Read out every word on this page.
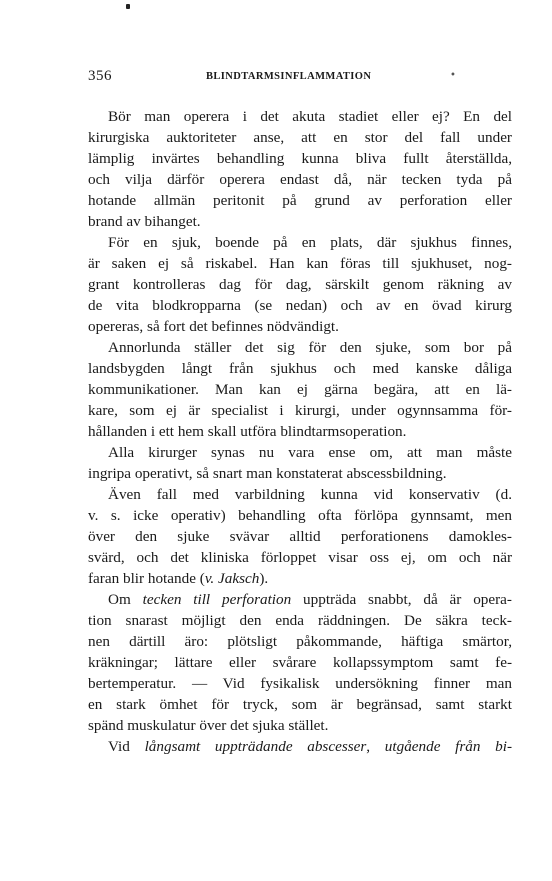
356	BLINDTARMSINFLAMMATION	•
Bör man operera i det akuta stadiet eller ej? En del
kirurgiska auktoriteter anse, att en stor del fall under
lämplig invärtes behandling kunna bliva fullt återställda,
och vilja därför operera endast då, när tecken tyda på
hotande allmän peritonit på grund av perforation eller
brand av bihanget.
För en sjuk, boende på en plats, där sjukhus finnes,
är saken ej så riskabel. Han kan föras till sjukhuset, nog-
grant kontrolleras dag för dag, särskilt genom räkning av
de vita blodkropparna (se nedan) och av en övad kirurg
opereras, så fort det befinnes nödvändigt.
Annorlunda ställer det sig för den sjuke, som bor på
landsbygden långt från sjukhus och med kanske dåliga
kommunikationer. Man kan ej gärna begära, att en lä-
kare, som ej är specialist i kirurgi, under ogynnsamma för-
hållanden i ett hem skall utföra blindtarmsoperation.
Alla kirurger synas nu vara ense om, att man måste
ingripa operativt, så snart man konstaterat abscessbildning.
Även fall med varbildning kunna vid konservativ (d.
v. s. icke operativ) behandling ofta förlöpa gynnsamt, men
över den sjuke svävar alltid perforationens damokles-
svärd, och det kliniska förloppet visar oss ej, om och när
faran blir hotande (v. Jaksch).
Om tecken till perforation uppträda snabbt, då är opera-
tion snarast möjligt den enda räddningen. De säkra teck-
nen därtill äro: plötsligt påkommande, häftiga smärtor,
kräkningar; lättare eller svårare kollapssymptom samt fe-
bertemperatur. — Vid fysikalisk undersökning finner man
en stark ömhet för tryck, som är begränsad, samt starkt
spänd muskulatur över det sjuka stället.
Vid långsamt uppträdande abscesser, utgående från bi-
